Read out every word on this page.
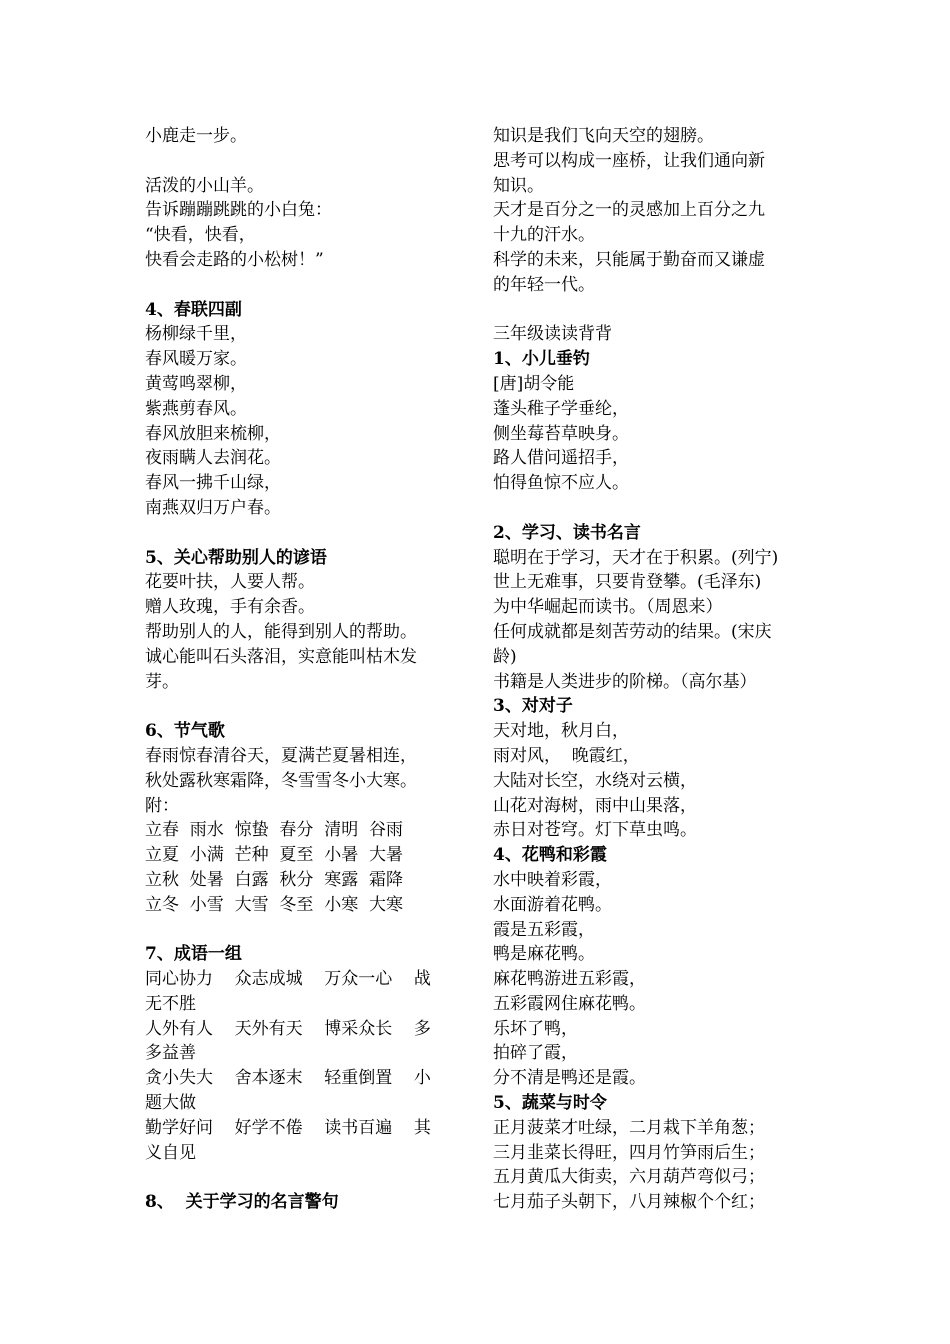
小鹿走一步。
活泼的小山羊。
告诉蹦蹦跳跳的小白兔：
“快看，快看，
快看会走路的小松树！”
4、春联四副
杨柳绿千里，
春风暖万家。
黄莺鸣翠柳，
紫燕剪春风。
春风放胆来梳柳，
夜雨瞒人去润花。
春风一拂千山绿，
南燕双归万户春。
5、关心帮助别人的谚语
花要叶扶，人要人帮。
赠人玫瑰，手有余香。
帮助别人的人，能得到别人的帮助。
诚心能叫石头落泪，实意能叫枯木发
芽。
6、节气歌
春雨惊春清谷天，夏满芒夏暑相连，
秋处露秋寒霜降，冬雪雪冬小大寒。
附：
立春  雨水  惊蛰  春分  清明  谷雨
立夏  小满  芒种  夏至  小暑  大暑
立秋  处暑  白露  秋分  寒露  霜降
立冬  小雪  大雪  冬至  小寒  大寒
7、成语一组
同心协力    众志成城    万众一心    战
无不胜
人外有人    天外有天    博采众长    多
多益善
贪小失大    舍本逐末    轻重倒置    小
题大做
勤学好问    好学不倦    读书百遍    其
义自见
8、  关于学习的名言警句
知识是我们飞向天空的翅膀。
思考可以构成一座桥，让我们通向新
知识。
天才是百分之一的灵感加上百分之九
十九的汗水。
科学的未来，只能属于勤奋而又谦虚
的年轻一代。
三年级读读背背
1、小儿垂钓
[唐]胡令能
蓬头稚子学垂纶，
侧坐莓苔草映身。
路人借问遥招手，
怕得鱼惊不应人。
2、学习、读书名言
聪明在于学习，天才在于积累。(列宁)
世上无难事，只要肯登攀。(毛泽东)
为中华崛起而读书。（周恩来）
任何成就都是刻苦劳动的结果。(宋庆
龄)
书籍是人类进步的阶梯。（高尔基）
3、对对子
天对地，秋月白，
雨对风，  晚霞红，
大陆对长空，水绕对云横，
山花对海树，雨中山果落，
赤日对苍穹。灯下草虫鸣。
4、花鸭和彩霞
水中映着彩霞，
水面游着花鸭。
霞是五彩霞，
鸭是麻花鸭。
麻花鸭游进五彩霞，
五彩霞网住麻花鸭。
乐坏了鸭，
拍碎了霞，
分不清是鸭还是霞。
5、蔬菜与时令
正月菠菜才吐绿，二月栽下羊角葱；
三月韭菜长得旺，四月竹笋雨后生；
五月黄瓜大街卖，六月葫芦弯似弓；
七月茄子头朝下，八月辣椒个个红；
